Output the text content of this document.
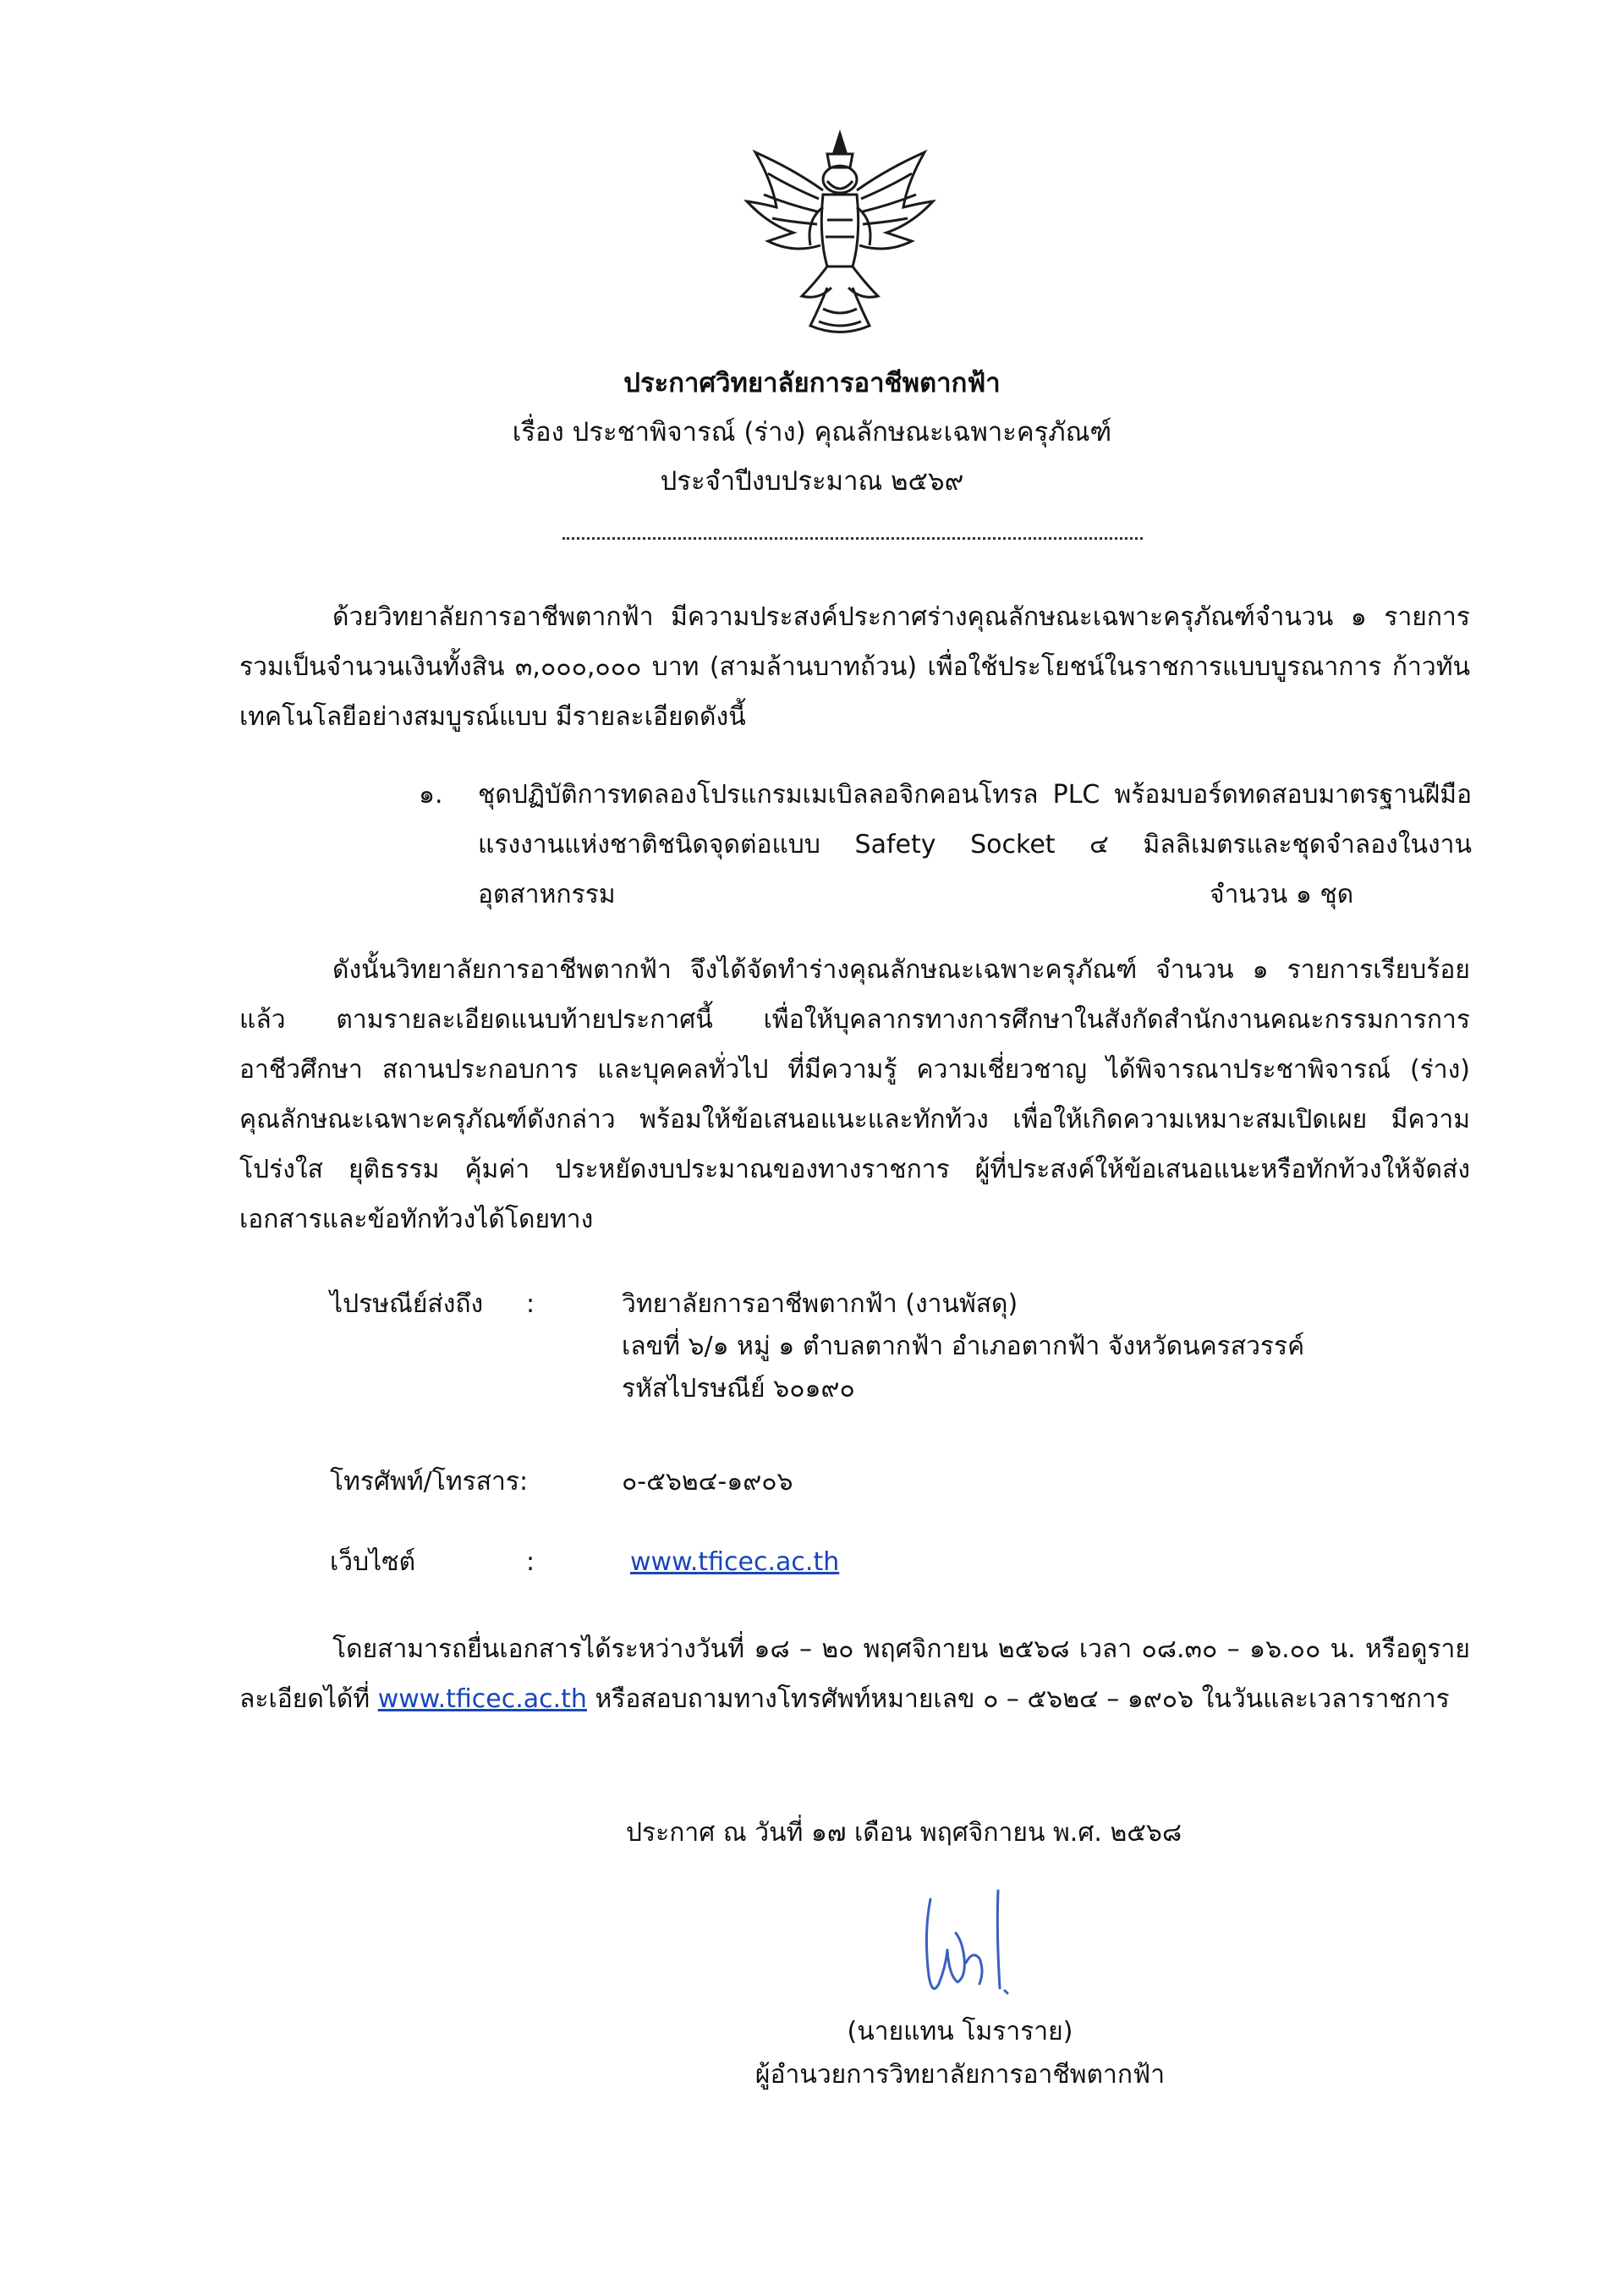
ประกาศวิทยาลัยการอาชีพตากฟ้า
เรื่อง ประชาพิจารณ์ (ร่าง) คุณลักษณะเฉพาะครุภัณฑ์
ประจำปีงบประมาณ ๒๕๖๙
ด้วยวิทยาลัยการอาชีพตากฟ้า มีความประสงค์ประกาศร่างคุณลักษณะเฉพาะครุภัณฑ์จำนวน ๑ รายการ รวมเป็นจำนวนเงินทั้งสิน ๓,๐๐๐,๐๐๐ บาท (สามล้านบาทถ้วน) เพื่อใช้ประโยชน์ในราชการแบบบูรณาการ ก้าวทันเทคโนโลยีอย่างสมบูรณ์แบบ มีรายละเอียดดังนี้
๑. ชุดปฏิบัติการทดลองโปรแกรมเมเบิลลอจิกคอนโทรล PLC พร้อมบอร์ดทดสอบมาตรฐานฝีมือแรงงานแห่งชาติชนิดจุดต่อแบบ Safety Socket ๔ มิลลิเมตรและชุดจำลองในงานอุตสาหกรรม	จำนวน ๑ ชุด
ดังนั้นวิทยาลัยการอาชีพตากฟ้า จึงได้จัดทำร่างคุณลักษณะเฉพาะครุภัณฑ์ จำนวน ๑ รายการเรียบร้อยแล้ว ตามรายละเอียดแนบท้ายประกาศนี้ เพื่อให้บุคลากรทางการศึกษาในสังกัดสำนักงานคณะกรรมการการอาชีวศึกษา สถานประกอบการ และบุคคลทั่วไป ที่มีความรู้ ความเชี่ยวชาญ ได้พิจารณาประชาพิจารณ์ (ร่าง) คุณลักษณะเฉพาะครุภัณฑ์ดังกล่าว พร้อมให้ข้อเสนอแนะและทักท้วง เพื่อให้เกิดความเหมาะสมเปิดเผย มีความโปร่งใส ยุติธรรม คุ้มค่า ประหยัดงบประมาณของทางราชการ ผู้ที่ประสงค์ให้ข้อเสนอแนะหรือทักท้วงให้จัดส่งเอกสารและข้อทักท้วงได้โดยทาง
ไปรษณีย์ส่งถึง :	วิทยาลัยการอาชีพตากฟ้า (งานพัสดุ)
เลขที่ ๖/๑ หมู่ ๑ ตำบลตากฟ้า อำเภอตากฟ้า จังหวัดนครสวรรค์
รหัสไปรษณีย์ ๖๐๑๙๐
โทรศัพท์/โทรสาร:	๐-๕๖๒๔-๑๙๐๖
เว็บไซต์	:	www.tficec.ac.th
โดยสามารถยื่นเอกสารได้ระหว่างวันที่ ๑๘ – ๒๐ พฤศจิกายน ๒๕๖๘ เวลา ๐๘.๓๐ – ๑๖.๐๐ น. หรือดูรายละเอียดได้ที่ www.tficec.ac.th หรือสอบถามทางโทรศัพท์หมายเลข ๐ – ๕๖๒๔ – ๑๙๐๖ ในวันและเวลาราชการ
ประกาศ ณ วันที่ ๑๗ เดือน พฤศจิกายน พ.ศ. ๒๕๖๘
(นายแทน โมราราย)
ผู้อำนวยการวิทยาลัยการอาชีพตากฟ้า
